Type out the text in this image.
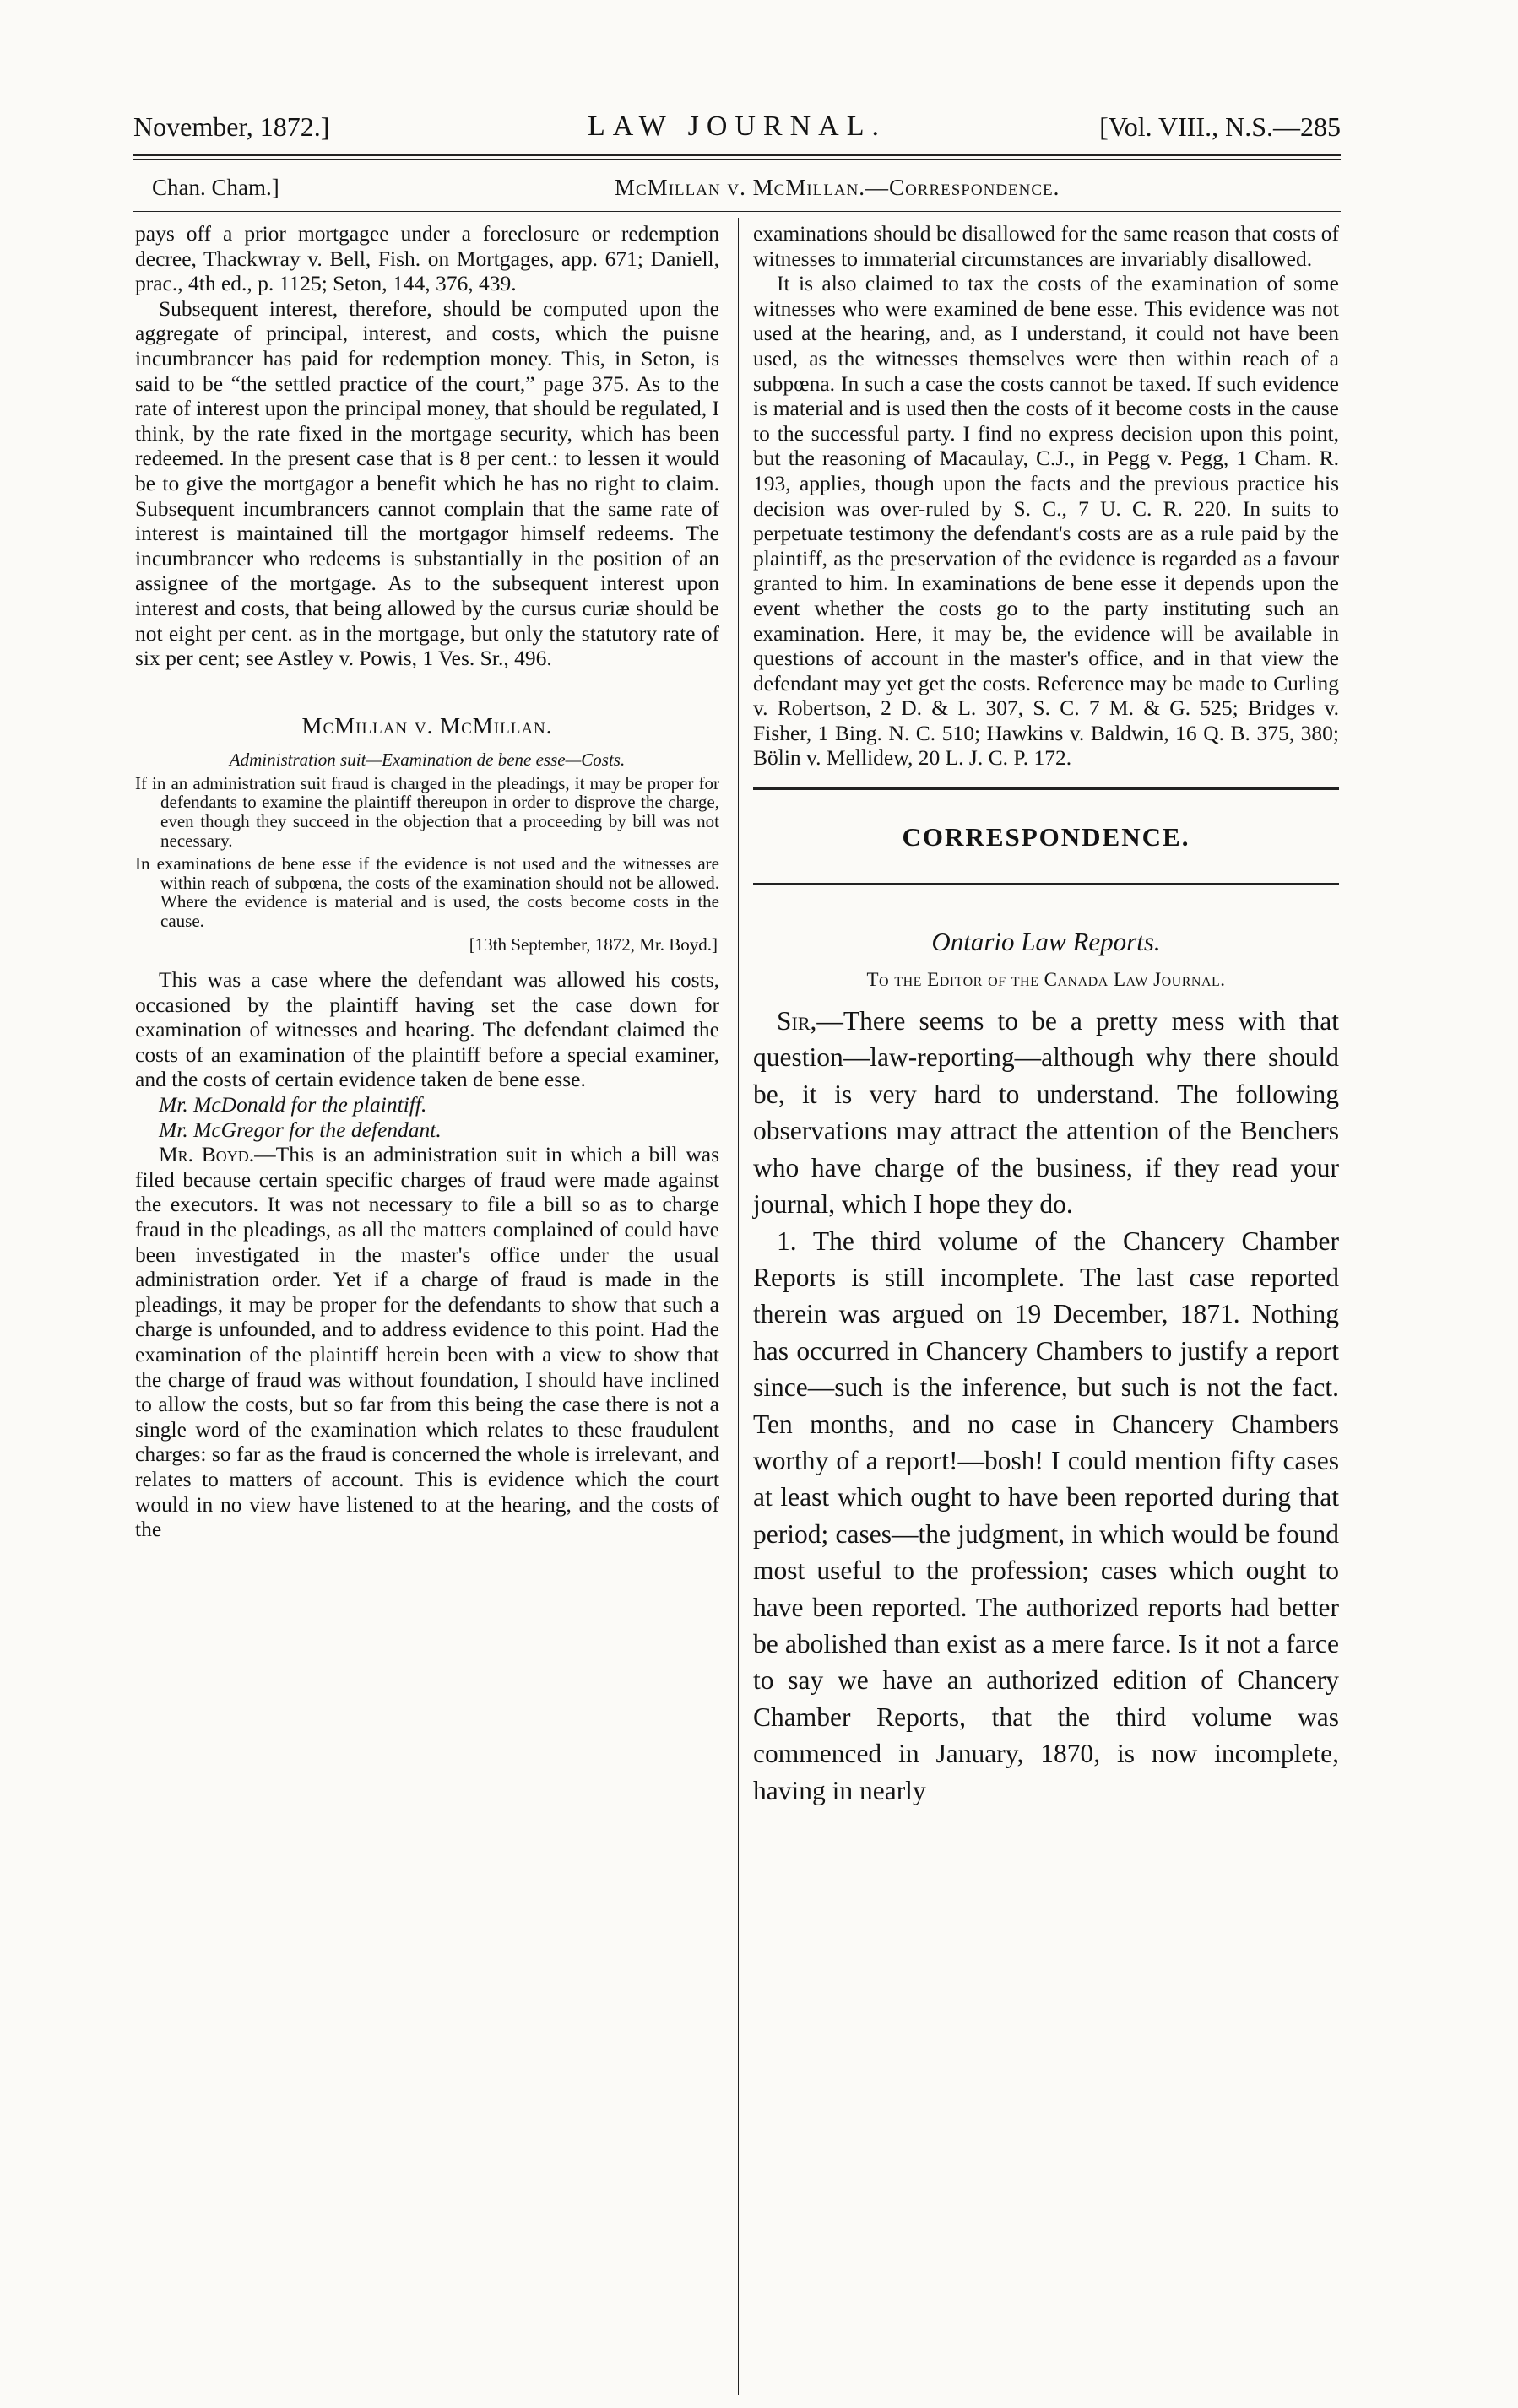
November, 1872.]	LAW JOURNAL.	[Vol. VIII., N.S.—285
Chan. Cham.]	McMillan v. McMillan.—Correspondence.

pays off a prior mortgagee under a foreclosure or redemption decree, Thackwray v. Bell, Fish. on Mortgages, app. 671; Daniell, prac., 4th ed., p. 1125; Seton, 144, 376, 439.

Subsequent interest, therefore, should be computed upon the aggregate of principal, interest, and costs, which the puisne incumbrancer has paid for redemption money. This, in Seton, is said to be “the settled practice of the court,” page 375. As to the rate of interest upon the principal money, that should be regulated, I think, by the rate fixed in the mortgage security, which has been redeemed. In the present case that is 8 per cent.: to lessen it would be to give the mortgagor a benefit which he has no right to claim. Subsequent incumbrancers cannot complain that the same rate of interest is maintained till the mortgagor himself redeems. The incumbrancer who redeems is substantially in the position of an assignee of the mortgage. As to the subsequent interest upon interest and costs, that being allowed by the cursus curiæ should be not eight per cent. as in the mortgage, but only the statutory rate of six per cent; see Astley v. Powis, 1 Ves. Sr., 496.

McMillan v. McMillan.
Administration suit—Examination de bene esse—Costs.

If in an administration suit fraud is charged in the pleadings, it may be proper for defendants to examine the plaintiff thereupon in order to disprove the charge, even though they succeed in the objection that a proceeding by bill was not necessary.

In examinations de bene esse if the evidence is not used and the witnesses are within reach of subpœna, the costs of the examination should not be allowed. Where the evidence is material and is used, the costs become costs in the cause.

[13th September, 1872, Mr. Boyd.]

This was a case where the defendant was allowed his costs, occasioned by the plaintiff having set the case down for examination of witnesses and hearing. The defendant claimed the costs of an examination of the plaintiff before a special examiner, and the costs of certain evidence taken de bene esse.

Mr. McDonald for the plaintiff.
Mr. McGregor for the defendant.

Mr. Boyd.—This is an administration suit in which a bill was filed because certain specific charges of fraud were made against the executors. It was not necessary to file a bill so as to charge fraud in the pleadings, as all the matters complained of could have been investigated in the master's office under the usual administration order. Yet if a charge of fraud is made in the pleadings, it may be proper for the defendants to show that such a charge is unfounded, and to address evidence to this point. Had the examination of the plaintiff herein been with a view to show that the charge of fraud was without foundation, I should have inclined to allow the costs, but so far from this being the case there is not a single word of the examination which relates to these fraudulent charges: so far as the fraud is concerned the whole is irrelevant, and relates to matters of account. This is evidence which the court would in no view have listened to at the hearing, and the costs of the

examinations should be disallowed for the same reason that costs of witnesses to immaterial circumstances are invariably disallowed.

It is also claimed to tax the costs of the examination of some witnesses who were examined de bene esse. This evidence was not used at the hearing, and, as I understand, it could not have been used, as the witnesses themselves were then within reach of a subpœna. In such a case the costs cannot be taxed. If such evidence is material and is used then the costs of it become costs in the cause to the successful party. I find no express decision upon this point, but the reasoning of Macaulay, C.J., in Pegg v. Pegg, 1 Cham. R. 193, applies, though upon the facts and the previous practice his decision was over-ruled by S. C., 7 U. C. R. 220. In suits to perpetuate testimony the defendant's costs are as a rule paid by the plaintiff, as the preservation of the evidence is regarded as a favour granted to him. In examinations de bene esse it depends upon the event whether the costs go to the party instituting such an examination. Here, it may be, the evidence will be available in questions of account in the master's office, and in that view the defendant may yet get the costs. Reference may be made to Curling v. Robertson, 2 D. & L. 307, S. C. 7 M. & G. 525; Bridges v. Fisher, 1 Bing. N. C. 510; Hawkins v. Baldwin, 16 Q. B. 375, 380; Bölin v. Mellidew, 20 L. J. C. P. 172.

CORRESPONDENCE.
Ontario Law Reports.
To the Editor of the Canada Law Journal.

Sir,—There seems to be a pretty mess with that question—law-reporting—although why there should be, it is very hard to understand. The following observations may attract the attention of the Benchers who have charge of the business, if they read your journal, which I hope they do.

1. The third volume of the Chancery Chamber Reports is still incomplete. The last case reported therein was argued on 19 December, 1871. Nothing has occurred in Chancery Chambers to justify a report since—such is the inference, but such is not the fact. Ten months, and no case in Chancery Chambers worthy of a report!—bosh! I could mention fifty cases at least which ought to have been reported during that period; cases—the judgment, in which would be found most useful to the profession; cases which ought to have been reported. The authorized reports had better be abolished than exist as a mere farce. Is it not a farce to say we have an authorized edition of Chancery Chamber Reports, that the third volume was commenced in January, 1870, is now incomplete, having in nearly
